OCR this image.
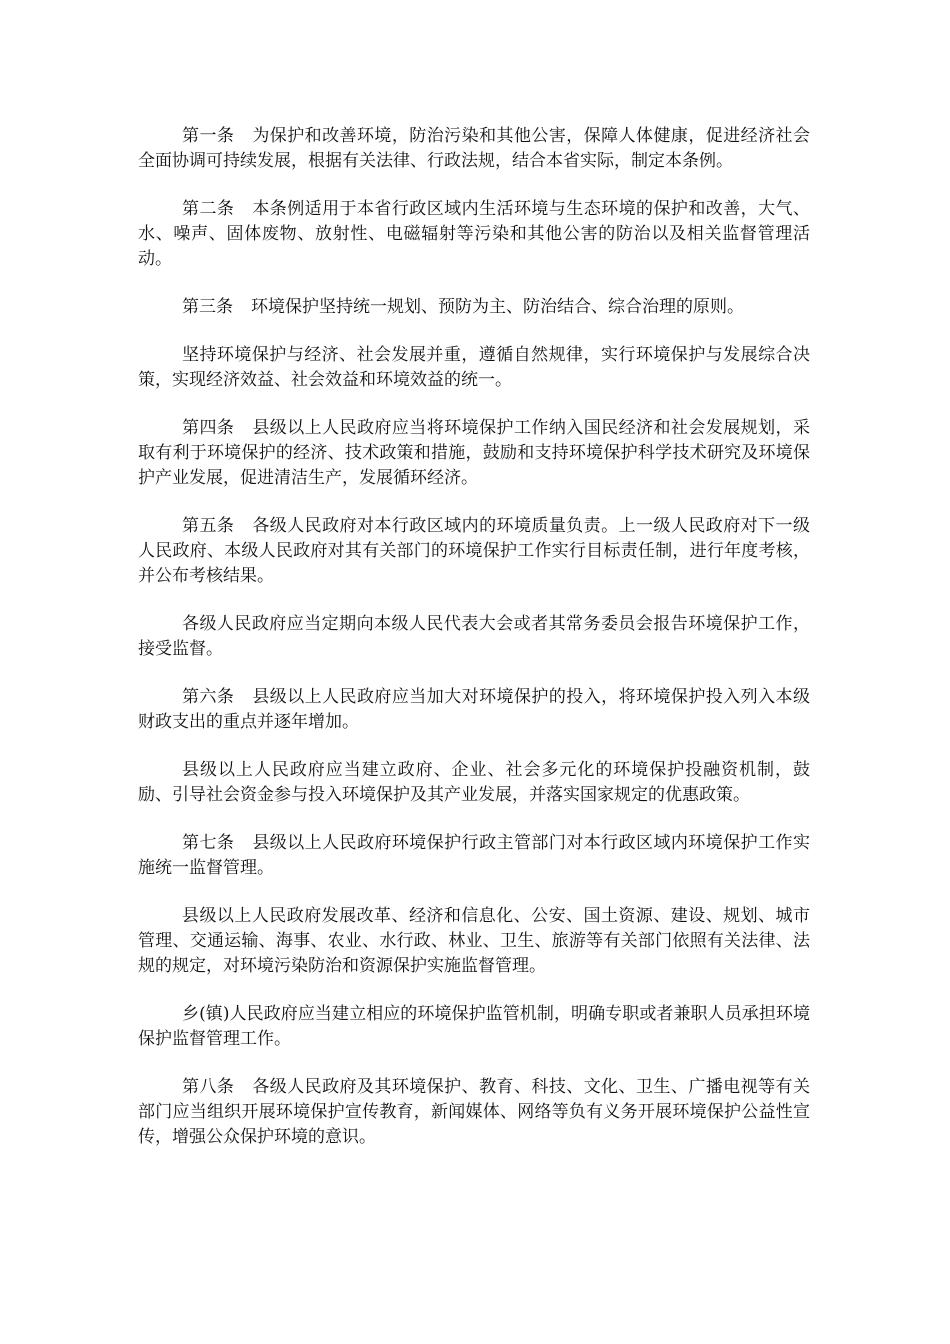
第一条 为保护和改善环境，防治污染和其他公害，保障人体健康，促进经济社会全面协调可持续发展，根据有关法律、行政法规，结合本省实际，制定本条例。

第二条 本条例适用于本省行政区域内生活环境与生态环境的保护和改善，大气、水、噪声、固体废物、放射性、电磁辐射等污染和其他公害的防治以及相关监督管理活动。

第三条 环境保护坚持统一规划、预防为主、防治结合、综合治理的原则。

坚持环境保护与经济、社会发展并重，遵循自然规律，实行环境保护与发展综合决策，实现经济效益、社会效益和环境效益的统一。

第四条 县级以上人民政府应当将环境保护工作纳入国民经济和社会发展规划，采取有利于环境保护的经济、技术政策和措施，鼓励和支持环境保护科学技术研究及环境保护产业发展，促进清洁生产，发展循环经济。

第五条 各级人民政府对本行政区域内的环境质量负责。上一级人民政府对下一级人民政府、本级人民政府对其有关部门的环境保护工作实行目标责任制，进行年度考核，并公布考核结果。

各级人民政府应当定期向本级人民代表大会或者其常务委员会报告环境保护工作，接受监督。

第六条 县级以上人民政府应当加大对环境保护的投入，将环境保护投入列入本级财政支出的重点并逐年增加。

县级以上人民政府应当建立政府、企业、社会多元化的环境保护投融资机制，鼓励、引导社会资金参与投入环境保护及其产业发展，并落实国家规定的优惠政策。

第七条 县级以上人民政府环境保护行政主管部门对本行政区域内环境保护工作实施统一监督管理。

县级以上人民政府发展改革、经济和信息化、公安、国土资源、建设、规划、城市管理、交通运输、海事、农业、水行政、林业、卫生、旅游等有关部门依照有关法律、法规的规定，对环境污染防治和资源保护实施监督管理。

乡(镇)人民政府应当建立相应的环境保护监管机制，明确专职或者兼职人员承担环境保护监督管理工作。

第八条 各级人民政府及其环境保护、教育、科技、文化、卫生、广播电视等有关部门应当组织开展环境保护宣传教育，新闻媒体、网络等负有义务开展环境保护公益性宣传，增强公众保护环境的意识。
